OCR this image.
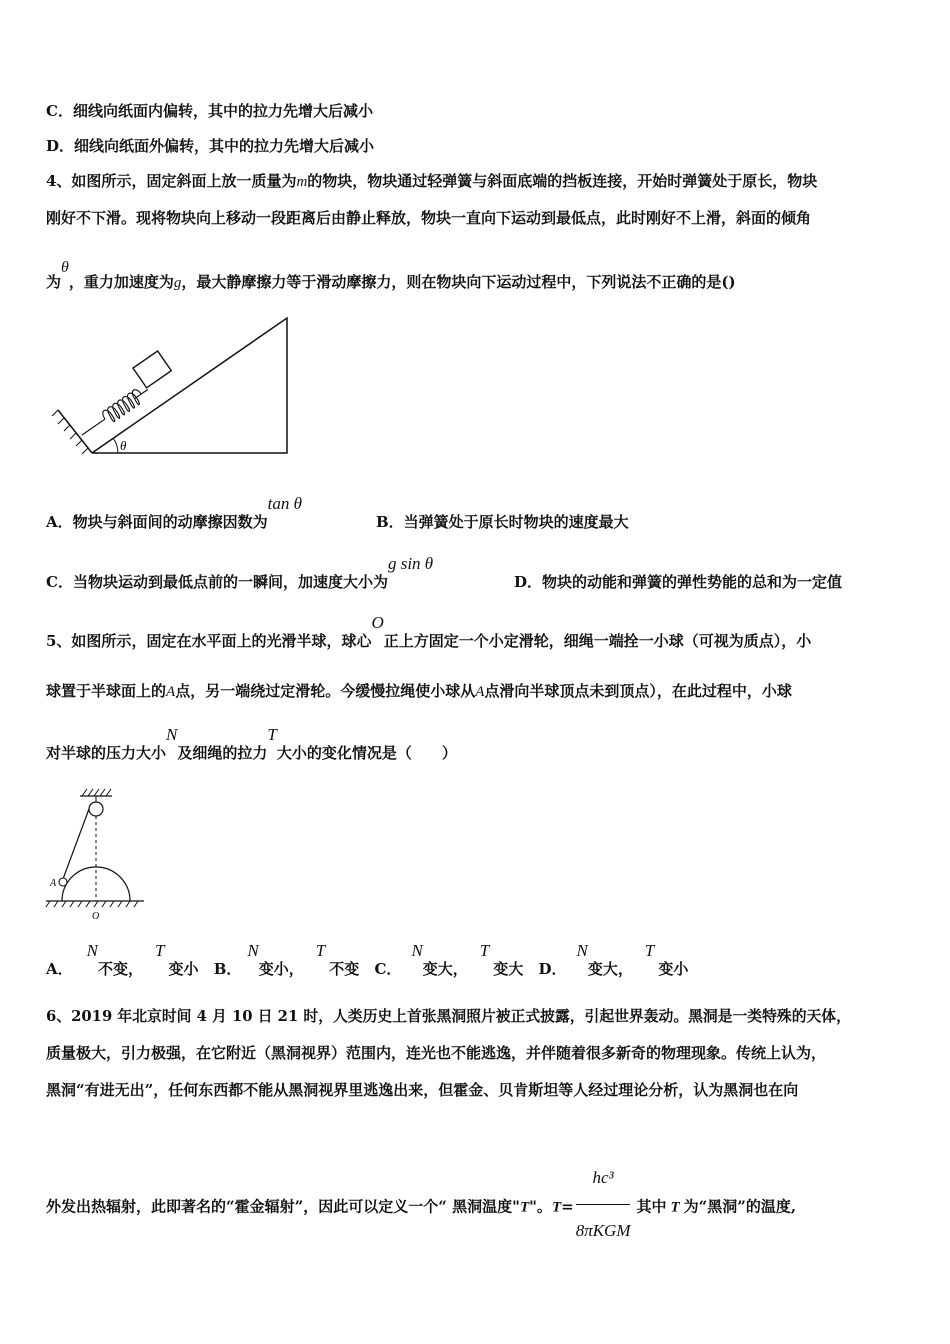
C．细线向纸面内偏转，其中的拉力先增大后减小
D．细线向纸面外偏转，其中的拉力先增大后减小
4、如图所示，固定斜面上放一质量为m的物块，物块通过轻弹簧与斜面底端的挡板连接，开始时弹簧处于原长，物块
刚好不下滑。现将物块向上移动一段距离后由静止释放，物块一直向下运动到最低点，此时刚好不上滑，斜面的倾角
为θ，重力加速度为g，最大静摩擦力等于滑动摩擦力，则在物块向下运动过程中，下列说法不正确的是()
θ
A．物块与斜面间的动摩擦因数为tan θ
B．当弹簧处于原长时物块的速度最大
C．当物块运动到最低点前的一瞬间，加速度大小为g sin θ
D．物块的动能和弹簧的弹性势能的总和为一定值
5、如图所示，固定在水平面上的光滑半球，球心O正上方固定一个小定滑轮，细绳一端拴一小球（可视为质点），小
球置于半球面上的A点，另一端绕过定滑轮。今缓慢拉绳使小球从A点滑向半球顶点未到顶点），在此过程中，小球
对半球的压力大小N及细绳的拉力T大小的变化情况是（　　）
A
O
A．N不变，T变小 B．N变小，T不变 C．N变大，T变大 D．N变大，T变小
6、2019 年北京时间 4 月 10 日 21 时，人类历史上首张黑洞照片被正式披露，引起世界轰动。黑洞是一类特殊的天体，
质量极大，引力极强，在它附近（黑洞视界）范围内，连光也不能逃逸，并伴随着很多新奇的物理现象。传统上认为，
黑洞“有进无出”，任何东西都不能从黑洞视界里逃逸出来，但霍金、贝肯斯坦等人经过理论分析，认为黑洞也在向
外发出热辐射，此即著名的“霍金辐射”，因此可以定义一个“ 黑洞温度"T"。$T= \frac{\text{hc³}}{\text{8πKGM}}$ 其中 T 为“黑洞”的温度,
